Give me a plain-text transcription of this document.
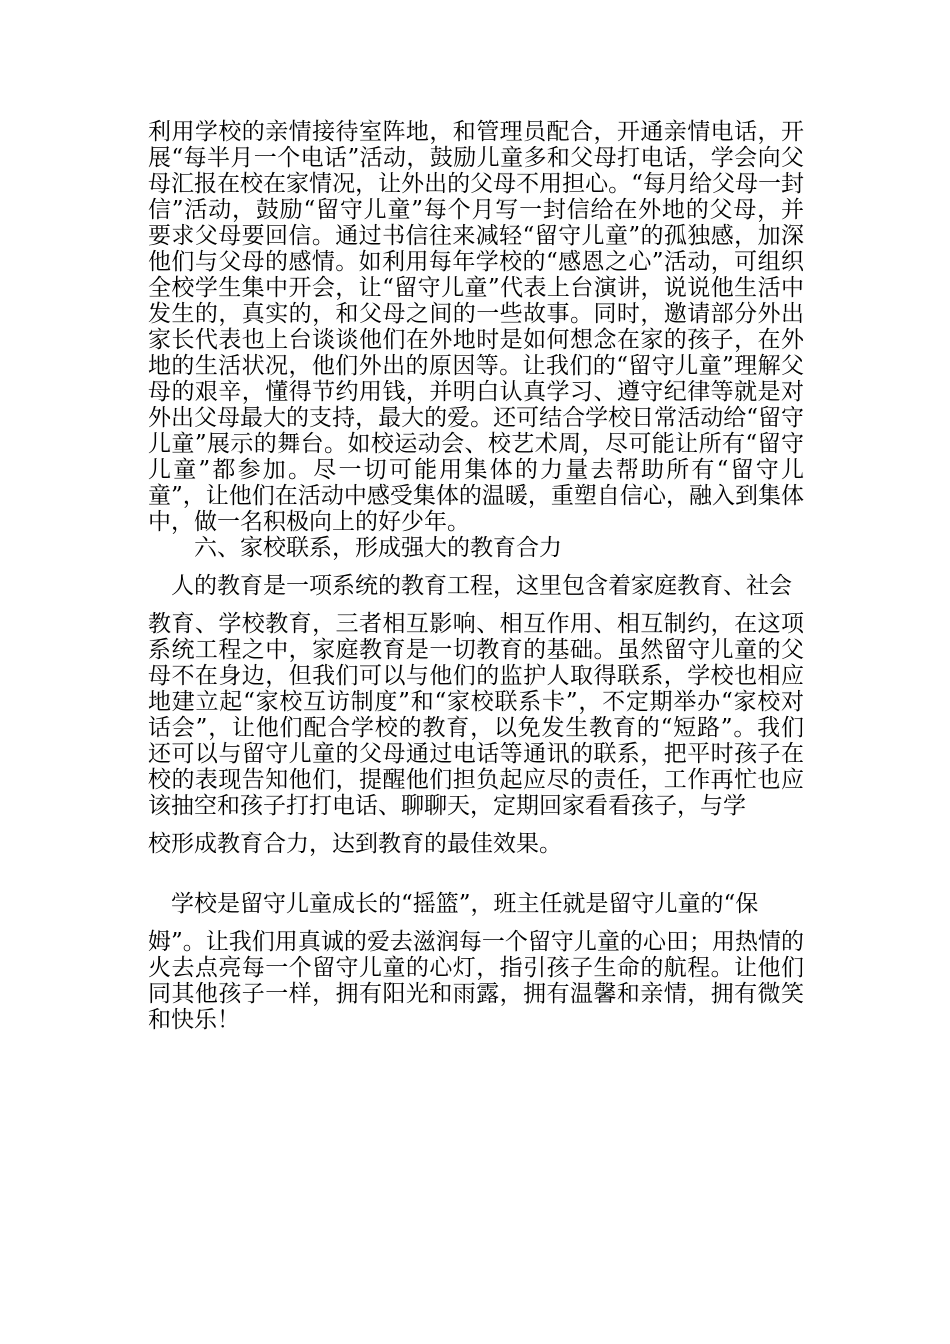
利用学校的亲情接待室阵地，和管理员配合，开通亲情电话，开展“每半月一个电话”活动，鼓励儿童多和父母打电话，学会向父母汇报在校在家情况，让外出的父母不用担心。“每月给父母一封信”活动，鼓励“留守儿童”每个月写一封信给在外地的父母，并要求父母要回信。通过书信往来减轻“留守儿童”的孤独感，加深他们与父母的感情。如利用每年学校的“感恩之心”活动，可组织全校学生集中开会，让“留守儿童”代表上台演讲，说说他生活中发生的，真实的，和父母之间的一些故事。同时，邀请部分外出家长代表也上台谈谈他们在外地时是如何想念在家的孩子，在外地的生活状况，他们外出的原因等。让我们的“留守儿童”理解父母的艰辛，懂得节约用钱，并明白认真学习、遵守纪律等就是对外出父母最大的支持，最大的爱。还可结合学校日常活动给“留守儿童”展示的舞台。如校运动会、校艺术周，尽可能让所有“留守儿童”都参加。尽一切可能用集体的力量去帮助所有“留守儿童”，让他们在活动中感受集体的温暖，重塑自信心，融入到集体中，做一名积极向上的好少年。

六、家校联系，形成强大的教育合力

人的教育是一项系统的教育工程，这里包含着家庭教育、社会

教育、学校教育，三者相互影响、相互作用、相互制约，在这项系统工程之中，家庭教育是一切教育的基础。虽然留守儿童的父母不在身边，但我们可以与他们的监护人取得联系，学校也相应地建立起“家校互访制度”和“家校联系卡”，不定期举办“家校对话会”，让他们配合学校的教育，以免发生教育的“短路”。我们还可以与留守儿童的父母通过电话等通讯的联系，把平时孩子在校的表现告知他们，提醒他们担负起应尽的责任，工作再忙也应该抽空和孩子打打电话、聊聊天，定期回家看看孩子，与学

校形成教育合力，达到教育的最佳效果。

学校是留守儿童成长的“摇篮”，班主任就是留守儿童的“保

姆”。让我们用真诚的爱去滋润每一个留守儿童的心田；用热情的火去点亮每一个留守儿童的心灯，指引孩子生命的航程。让他们同其他孩子一样，拥有阳光和雨露，拥有温馨和亲情，拥有微笑和快乐！
